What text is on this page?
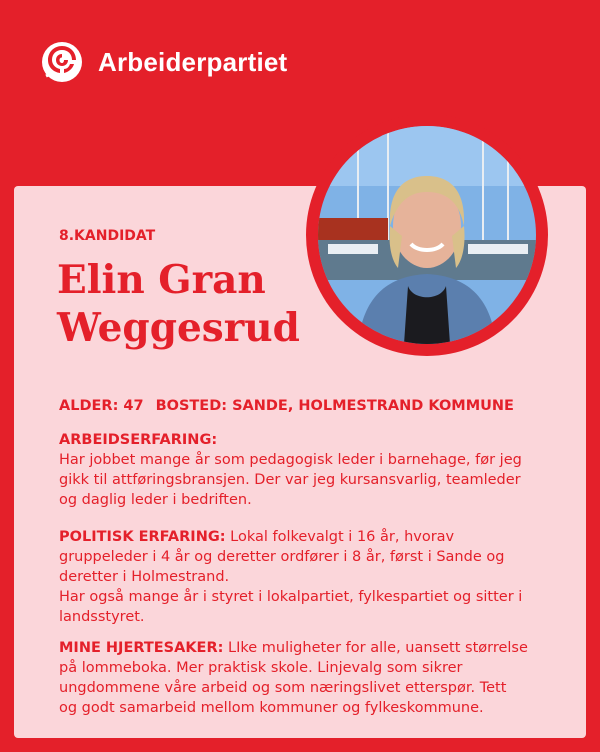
Arbeiderpartiet
8.KANDIDAT
Elin Gran
Weggesrud
ALDER: 47 BOSTED: SANDE, HOLMESTRAND KOMMUNE
ARBEIDSERFARING:
Har jobbet mange år som pedagogisk leder i barnehage, før jeg
gikk til attføringsbransjen. Der var jeg kursansvarlig, teamleder
og daglig leder i bedriften.
POLITISK ERFARING: Lokal folkevalgt i 16 år, hvorav
gruppeleder i 4 år og deretter ordfører i 8 år, først i Sande og
deretter i Holmestrand.
Har også mange år i styret i lokalpartiet, fylkespartiet og sitter i
landsstyret.
MINE HJERTESAKER: LIke muligheter for alle, uansett størrelse
på lommeboka. Mer praktisk skole. Linjevalg som sikrer
ungdommene våre arbeid og som næringslivet etterspør. Tett
og godt samarbeid mellom kommuner og fylkeskommune.
